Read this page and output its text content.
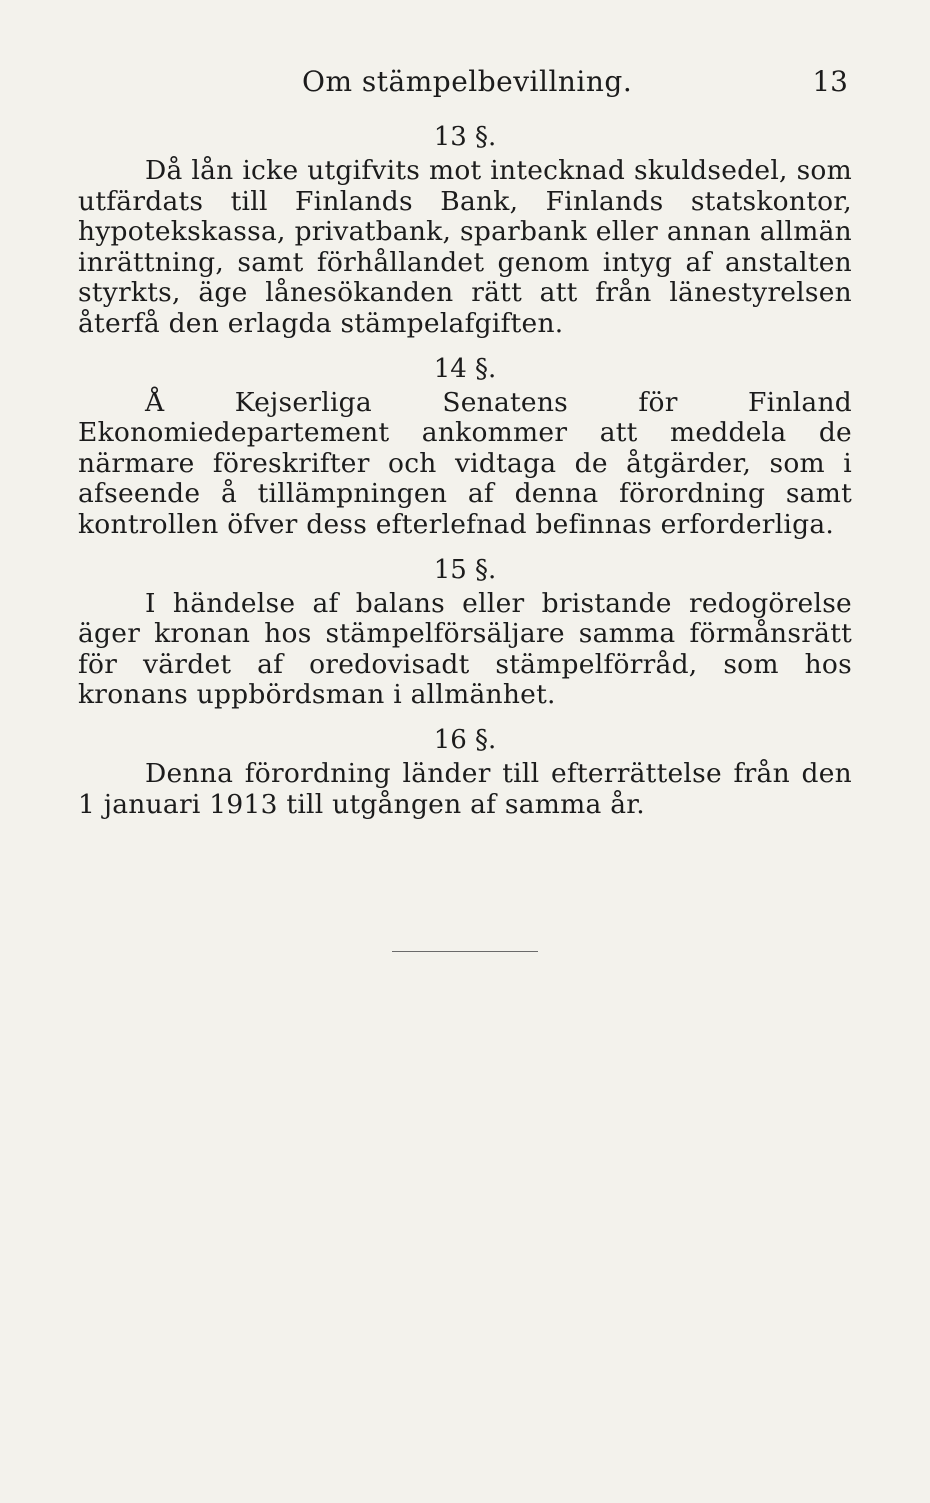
Om stämpelbevillning.	13
13 §.

Då lån icke utgifvits mot intecknad skuldsedel, som utfärdats till Finlands Bank, Finlands statskontor, hypotekskassa, privatbank, sparbank eller annan allmän inrättning, samt förhållandet genom intyg af anstalten styrkts, äge lånesökanden rätt att från länestyrelsen återfå den erlagda stämpelafgiften.

14 §.

Å Kejserliga Senatens för Finland Ekonomiedepartement ankommer att meddela de närmare föreskrifter och vidtaga de åtgärder, som i afseende å tillämpningen af denna förordning samt kontrollen öfver dess efterlefnad befinnas erforderliga.

15 §.

I händelse af balans eller bristande redogörelse äger kronan hos stämpelförsäljare samma förmånsrätt för värdet af oredovisadt stämpelförråd, som hos kronans uppbördsman i allmänhet.

16 §.

Denna förordning länder till efterrättelse från den 1 januari 1913 till utgången af samma år.
